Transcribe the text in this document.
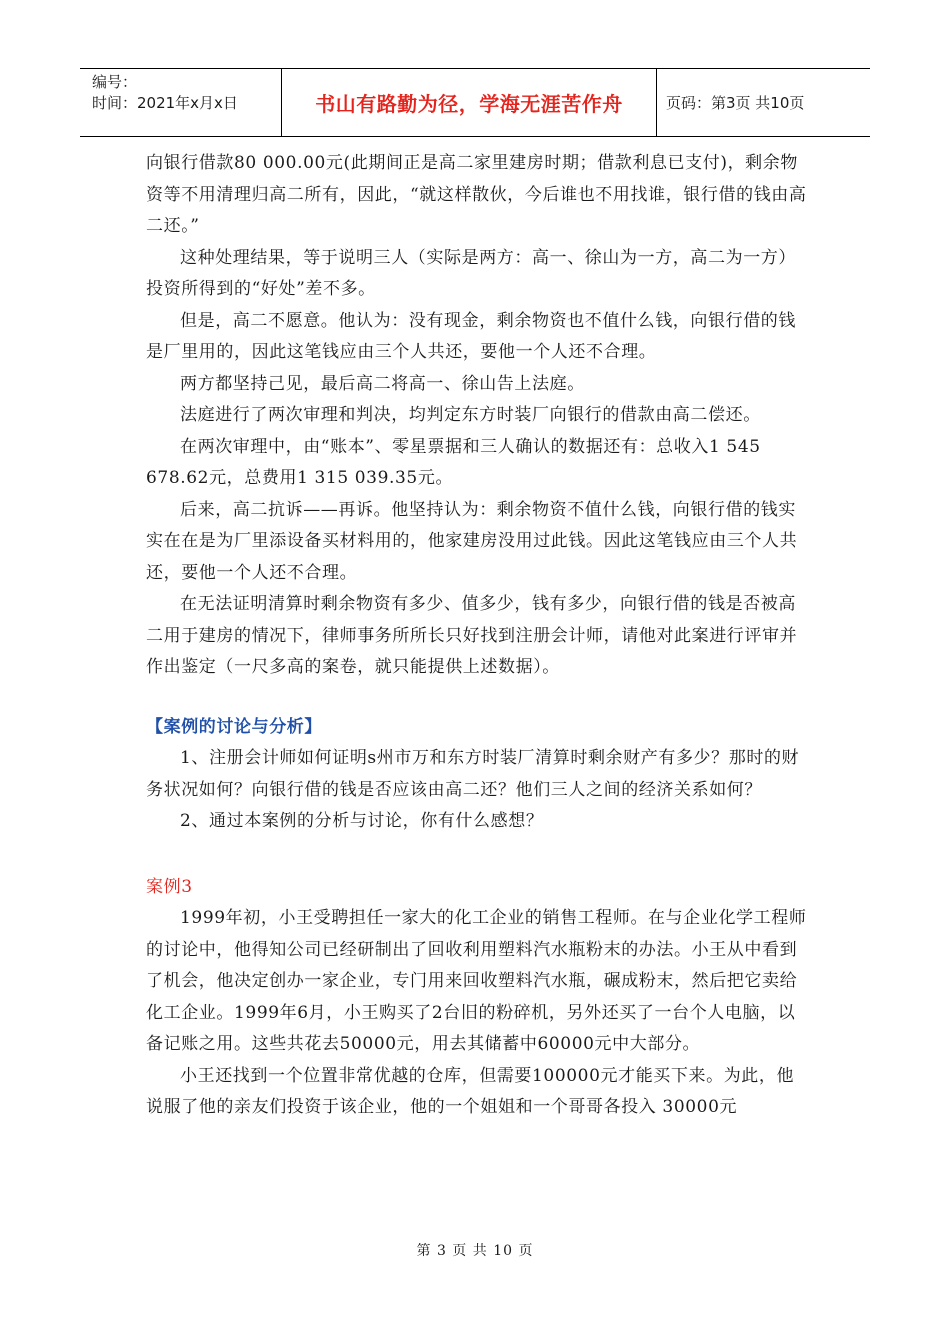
编号：
时间：2021年x月x日	书山有路勤为径，学海无涯苦作舟	页码：第3页 共10页

向银行借款80 000.00元(此期间正是高二家里建房时期；借款利息已支付)，剩余物资等不用清理归高二所有，因此，“就这样散伙，今后谁也不用找谁，银行借的钱由高二还。”

这种处理结果，等于说明三人（实际是两方：高一、徐山为一方，高二为一方）投资所得到的“好处”差不多。

但是，高二不愿意。他认为：没有现金，剩余物资也不值什么钱，向银行借的钱是厂里用的，因此这笔钱应由三个人共还，要他一个人还不合理。

两方都坚持己见，最后高二将高一、徐山告上法庭。

法庭进行了两次审理和判决，均判定东方时装厂向银行的借款由高二偿还。

在两次审理中，由“账本”、零星票据和三人确认的数据还有：总收入1 545 678.62元，总费用1 315 039.35元。

后来，高二抗诉——再诉。他坚持认为：剩余物资不值什么钱，向银行借的钱实实在在是为厂里添设备买材料用的，他家建房没用过此钱。因此这笔钱应由三个人共还，要他一个人还不合理。

在无法证明清算时剩余物资有多少、值多少，钱有多少，向银行借的钱是否被高二用于建房的情况下，律师事务所所长只好找到注册会计师，请他对此案进行评审并作出鉴定（一尺多高的案卷，就只能提供上述数据）。

【案例的讨论与分析】

1、注册会计师如何证明s州市万和东方时装厂清算时剩余财产有多少？那时的财务状况如何？向银行借的钱是否应该由高二还？他们三人之间的经济关系如何？

2、通过本案例的分析与讨论，你有什么感想？

案例3

1999年初，小王受聘担任一家大的化工企业的销售工程师。在与企业化学工程师的讨论中，他得知公司已经研制出了回收利用塑料汽水瓶粉末的办法。小王从中看到了机会，他决定创办一家企业，专门用来回收塑料汽水瓶，碾成粉末，然后把它卖给化工企业。1999年6月，小王购买了2台旧的粉碎机，另外还买了一台个人电脑，以备记账之用。这些共花去50000元，用去其储蓄中60000元中大部分。

小王还找到一个位置非常优越的仓库，但需要100000元才能买下来。为此，他说服了他的亲友们投资于该企业，他的一个姐姐和一个哥哥各投入 30000元

第 3 页 共 10 页
